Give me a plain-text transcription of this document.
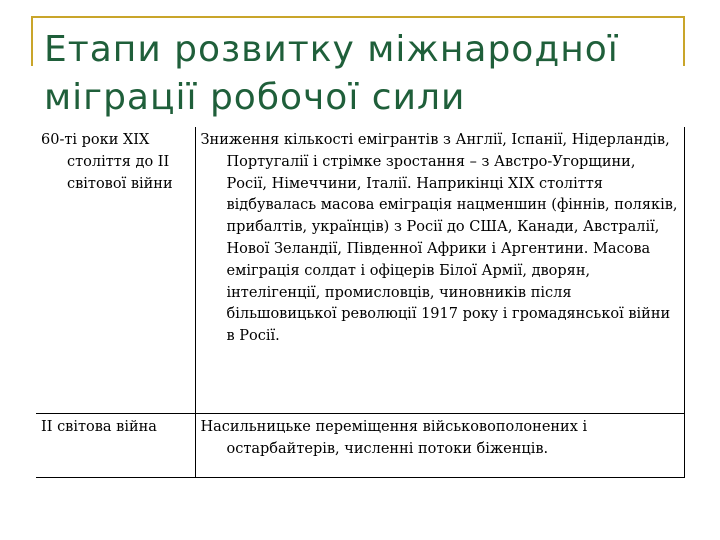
Етапи розвитку міжнародної
міграції робочої сили

60-ті роки ХІХ століття до ІІ світової війни	Зниження кількості емігрантів з Англії, Іспанії, Нідерландів, Португалії і стрімке зростання – з Австро-Угорщини, Росії, Німеччини, Італії. Наприкінці ХІХ століття відбувалась масова еміграція нацменшин (фіннів, поляків, прибалтів, українців) з Росії до США, Канади, Австралії, Нової Зеландії, Південної Африки і Аргентини. Масова еміграція солдат і офіцерів Білої Армії, дворян, інтелігенції, промисловців, чиновників після більшовицької революції 1917 року і громадянської війни в Росії.

ІІ світова війна	Насильницьке переміщення військовополонених і остарбайтерів, численні потоки біженців.
